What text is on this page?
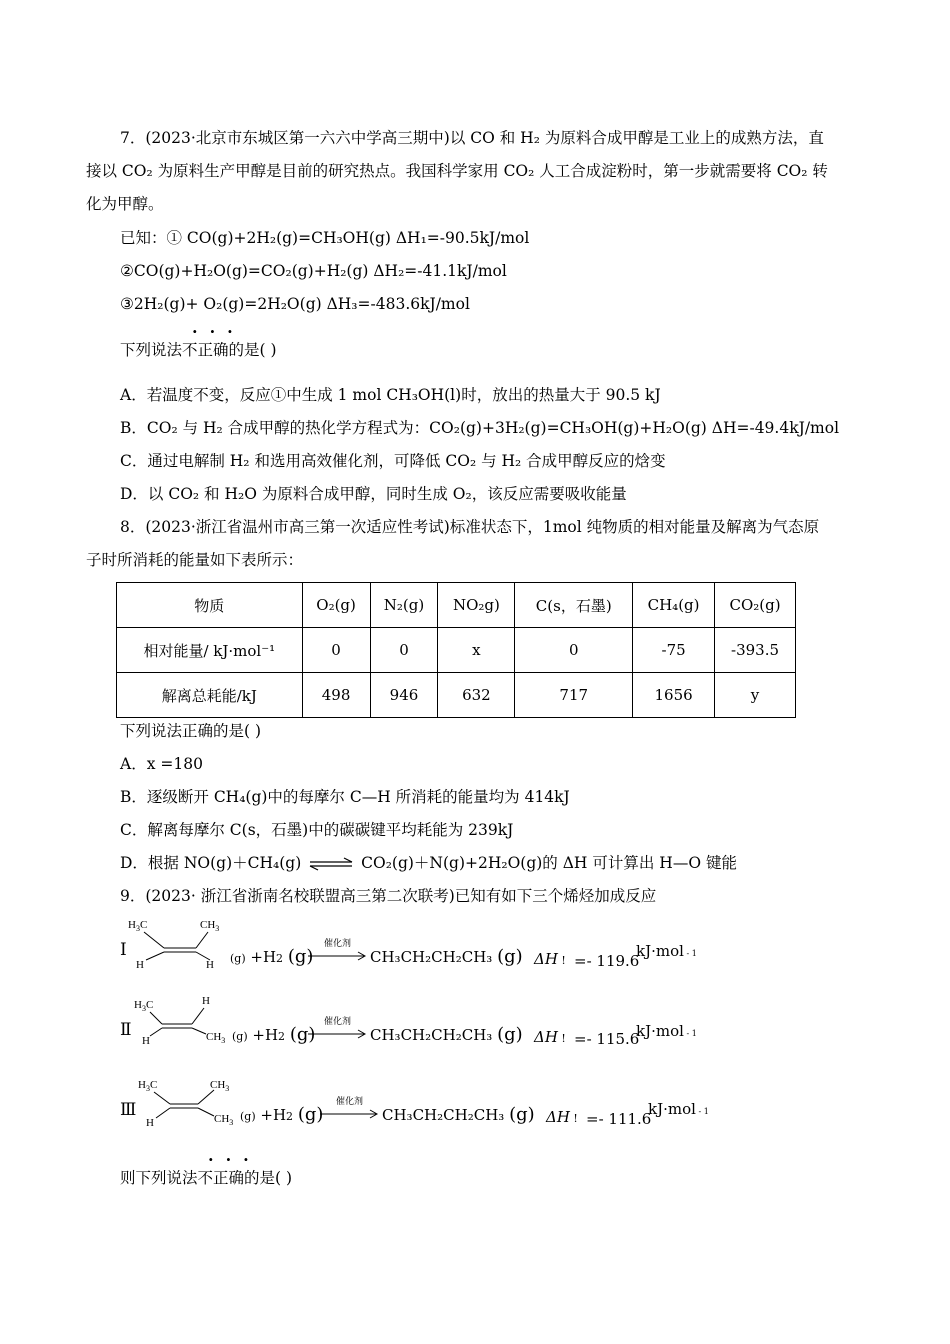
7．(2023·北京市东城区第一六六中学高三期中)以 CO 和 H₂ 为原料合成甲醇是工业上的成熟方法，直
接以 CO₂ 为原料生产甲醇是目前的研究热点。我国科学家用 CO₂ 人工合成淀粉时，第一步就需要将 CO₂ 转
化为甲醇。
已知：① CO(g)+2H₂(g)=CH₃OH(g) ΔH₁=-90.5kJ/mol
②CO(g)+H₂O(g)=CO₂(g)+H₂(g) ΔH₂=-41.1kJ/mol
③2H₂(g)+ O₂(g)=2H₂O(g) ΔH₃=-483.6kJ/mol
···
下列说法不正确的是( )
A．若温度不变，反应①中生成 1 mol CH₃OH(l)时，放出的热量大于 90.5 kJ
B．CO₂ 与 H₂ 合成甲醇的热化学方程式为：CO₂(g)+3H₂(g)=CH₃OH(g)+H₂O(g) ΔH=-49.4kJ/mol
C．通过电解制 H₂ 和选用高效催化剂，可降低 CO₂ 与 H₂ 合成甲醇反应的焓变
D．以 CO₂ 和 H₂O 为原料合成甲醇，同时生成 O₂，该反应需要吸收能量
8．(2023·浙江省温州市高三第一次适应性考试)标准状态下，1mol 纯物质的相对能量及解离为气态原
子时所消耗的能量如下表所示：
物质	O₂(g)	N₂(g)	NO₂g)	C(s，石墨)	CH₄(g)	CO₂(g)
相对能量/ kJ·mol⁻¹	0	0	x	0	-75	-393.5
解离总耗能/kJ	498	946	632	717	1656	y
下列说法正确的是( )
A．x =180
B．逐级断开 CH₄(g)中的每摩尔 C—H 所消耗的能量均为 414kJ
C．解离每摩尔 C(s，石墨)中的碳碳键平均耗能为 239kJ
D．根据 NO(g)＋CH₄(g) ⇌ CO₂(g)＋N(g)+2H₂O(g)的 ΔH 可计算出 H—O 键能
9．(2023· 浙江省浙南名校联盟高三第二次联考)已知有如下三个烯烃加成反应
Ⅰ
$H_3C$	$CH_3$
H	H (g) +H2 (g)
催化剂
CH₃CH₂CH₂CH₃ (g) ΔH ! =- 119.6
kJ·mol - 1
Ⅱ
$H_3C$	H
H	$CH_3$ (g) +H2 (g)
催化剂
CH₃CH₂CH₂CH₃ (g) ΔH ! =- 115.6
kJ·mol - 1
Ⅲ
$H_3C$	$CH_3$
H	$CH_3$ (g) +H2 (g)
催化剂
CH₃CH₂CH₂CH₃ (g) ΔH ! =- 111.6
kJ·mol - 1
···
则下列说法不正确的是( )
